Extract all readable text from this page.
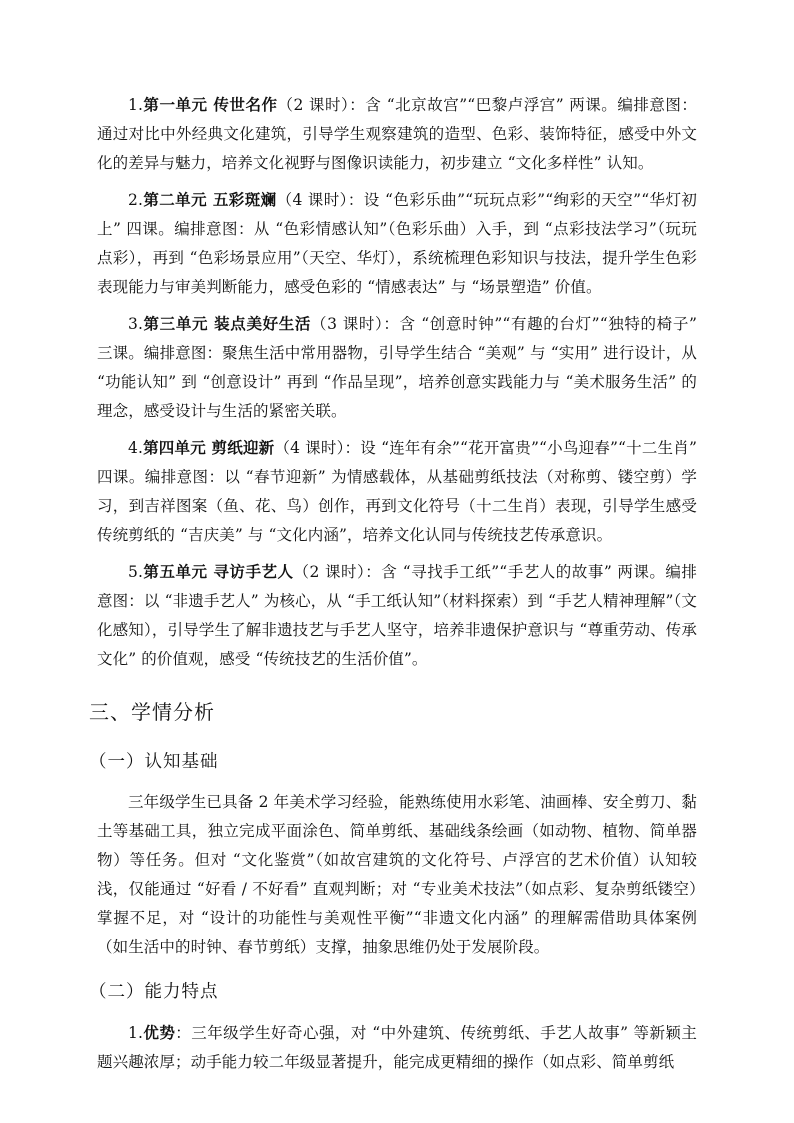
1.第一单元 传世名作（2 课时）：含 “北京故宫”“巴黎卢浮宫” 两课。编排意图：通过对比中外经典文化建筑，引导学生观察建筑的造型、色彩、装饰特征，感受中外文化的差异与魅力，培养文化视野与图像识读能力，初步建立 “文化多样性” 认知。

2.第二单元 五彩斑斓（4 课时）：设 “色彩乐曲”“玩玩点彩”“绚彩的天空”“华灯初上” 四课。编排意图：从 “色彩情感认知”（色彩乐曲）入手，到 “点彩技法学习”（玩玩点彩），再到 “色彩场景应用”（天空、华灯），系统梳理色彩知识与技法，提升学生色彩表现能力与审美判断能力，感受色彩的 “情感表达” 与 “场景塑造” 价值。

3.第三单元 装点美好生活（3 课时）：含 “创意时钟”“有趣的台灯”“独特的椅子” 三课。编排意图：聚焦生活中常用器物，引导学生结合 “美观” 与 “实用” 进行设计，从 “功能认知” 到 “创意设计” 再到 “作品呈现”，培养创意实践能力与 “美术服务生活” 的理念，感受设计与生活的紧密关联。

4.第四单元 剪纸迎新（4 课时）：设 “连年有余”“花开富贵”“小鸟迎春”“十二生肖” 四课。编排意图：以 “春节迎新” 为情感载体，从基础剪纸技法（对称剪、镂空剪）学习，到吉祥图案（鱼、花、鸟）创作，再到文化符号（十二生肖）表现，引导学生感受传统剪纸的 “吉庆美” 与 “文化内涵”，培养文化认同与传统技艺传承意识。

5.第五单元 寻访手艺人（2 课时）：含 “寻找手工纸”“手艺人的故事” 两课。编排意图：以 “非遗手艺人” 为核心，从 “手工纸认知”（材料探索）到 “手艺人精神理解”（文化感知），引导学生了解非遗技艺与手艺人坚守，培养非遗保护意识与 “尊重劳动、传承文化” 的价值观，感受 “传统技艺的生活价值”。

三、学情分析
（一）认知基础

三年级学生已具备 2 年美术学习经验，能熟练使用水彩笔、油画棒、安全剪刀、黏土等基础工具，独立完成平面涂色、简单剪纸、基础线条绘画（如动物、植物、简单器物）等任务。但对 “文化鉴赏”（如故宫建筑的文化符号、卢浮宫的艺术价值）认知较浅，仅能通过 “好看 / 不好看” 直观判断；对 “专业美术技法”（如点彩、复杂剪纸镂空）掌握不足，对 “设计的功能性与美观性平衡”“非遗文化内涵” 的理解需借助具体案例（如生活中的时钟、春节剪纸）支撑，抽象思维仍处于发展阶段。

（二）能力特点

1.优势：三年级学生好奇心强，对 “中外建筑、传统剪纸、手艺人故事” 等新颖主题兴趣浓厚；动手能力较二年级显著提升，能完成更精细的操作（如点彩、简单剪纸
